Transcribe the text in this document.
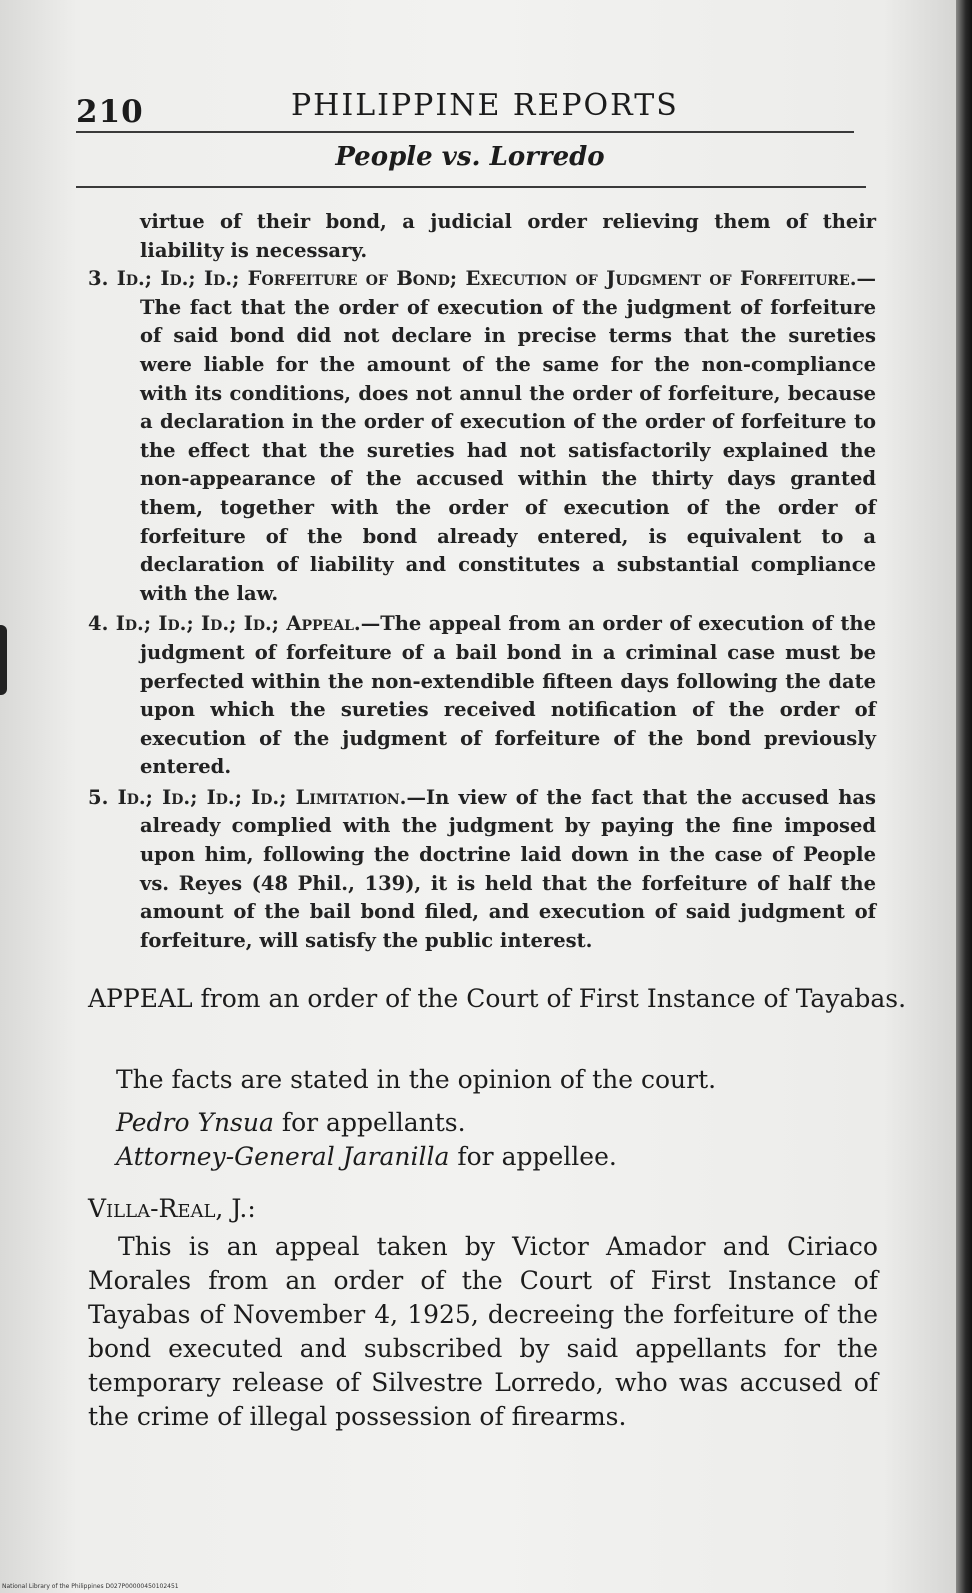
210	PHILIPPINE REPORTS
People vs. Lorredo

virtue of their bond, a judicial order relieving them of their liability is necessary.

3. Id.; Id.; Id.; Forfeiture of Bond; Execution of Judgment of Forfeiture.—The fact that the order of execution of the judgment of forfeiture of said bond did not declare in precise terms that the sureties were liable for the amount of the same for the non-compliance with its conditions, does not annul the order of forfeiture, because a declaration in the order of execution of the order of forfeiture to the effect that the sureties had not satisfactorily explained the non-appearance of the accused within the thirty days granted them, together with the order of execution of the order of forfeiture of the bond already entered, is equivalent to a declaration of liability and constitutes a substantial compliance with the law.

4. Id.; Id.; Id.; Id.; Appeal.—The appeal from an order of execution of the judgment of forfeiture of a bail bond in a criminal case must be perfected within the non-extendible fifteen days following the date upon which the sureties received notification of the order of execution of the judgment of forfeiture of the bond previously entered.

5. Id.; Id.; Id.; Id.; Limitation.—In view of the fact that the accused has already complied with the judgment by paying the fine imposed upon him, following the doctrine laid down in the case of People vs. Reyes (48 Phil., 139), it is held that the forfeiture of half the amount of the bail bond filed, and execution of said judgment of forfeiture, will satisfy the public interest.

APPEAL from an order of the Court of First Instance of Tayabas.

The facts are stated in the opinion of the court.

Pedro Ynsua for appellants.
Attorney-General Jaranilla for appellee.

Villa-Real, J.:

This is an appeal taken by Victor Amador and Ciriaco Morales from an order of the Court of First Instance of Tayabas of November 4, 1925, decreeing the forfeiture of the bond executed and subscribed by said appellants for the temporary release of Silvestre Lorredo, who was accused of the crime of illegal possession of firearms.

National Library of the Philippines D027P00000450102451
